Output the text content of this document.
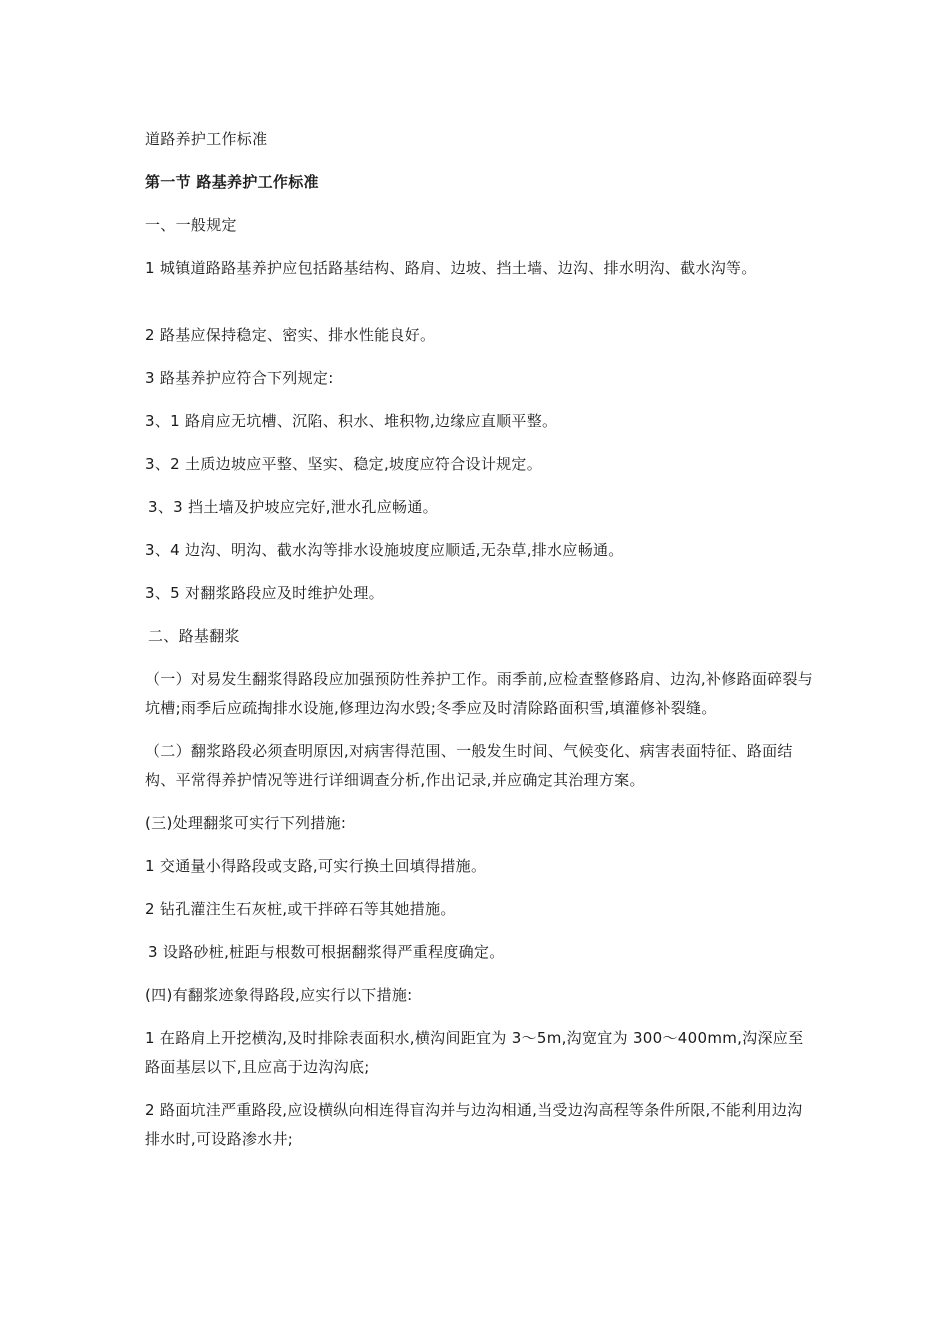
道路养护工作标准

第一节 路基养护工作标准

一、一般规定

1 城镇道路路基养护应包括路基结构、路肩、边坡、挡土墙、边沟、排水明沟、截水沟等。

2 路基应保持稳定、密实、排水性能良好。

3 路基养护应符合下列规定:

3、1 路肩应无坑槽、沉陷、积水、堆积物,边缘应直顺平整。

3、2 土质边坡应平整、坚实、稳定,坡度应符合设计规定。

3、3 挡土墙及护坡应完好,泄水孔应畅通。

3、4 边沟、明沟、截水沟等排水设施坡度应顺适,无杂草,排水应畅通。

3、5 对翻浆路段应及时维护处理。

二、路基翻浆

（一）对易发生翻浆得路段应加强预防性养护工作。雨季前,应检查整修路肩、边沟,补修路面碎裂与坑槽;雨季后应疏掏排水设施,修理边沟水毁;冬季应及时清除路面积雪,填灌修补裂缝。

（二）翻浆路段必须查明原因,对病害得范围、一般发生时间、气候变化、病害表面特征、路面结构、平常得养护情况等进行详细调查分析,作出记录,并应确定其治理方案。

(三)处理翻浆可实行下列措施:

1 交通量小得路段或支路,可实行换土回填得措施。

2 钻孔灌注生石灰桩,或干拌碎石等其她措施。

3 设路砂桩,桩距与根数可根据翻浆得严重程度确定。

(四)有翻浆迹象得路段,应实行以下措施:

1 在路肩上开挖横沟,及时排除表面积水,横沟间距宜为 3～5m,沟宽宜为 300～400mm,沟深应至路面基层以下,且应高于边沟沟底;

2 路面坑洼严重路段,应设横纵向相连得盲沟并与边沟相通,当受边沟高程等条件所限,不能利用边沟排水时,可设路渗水井;
